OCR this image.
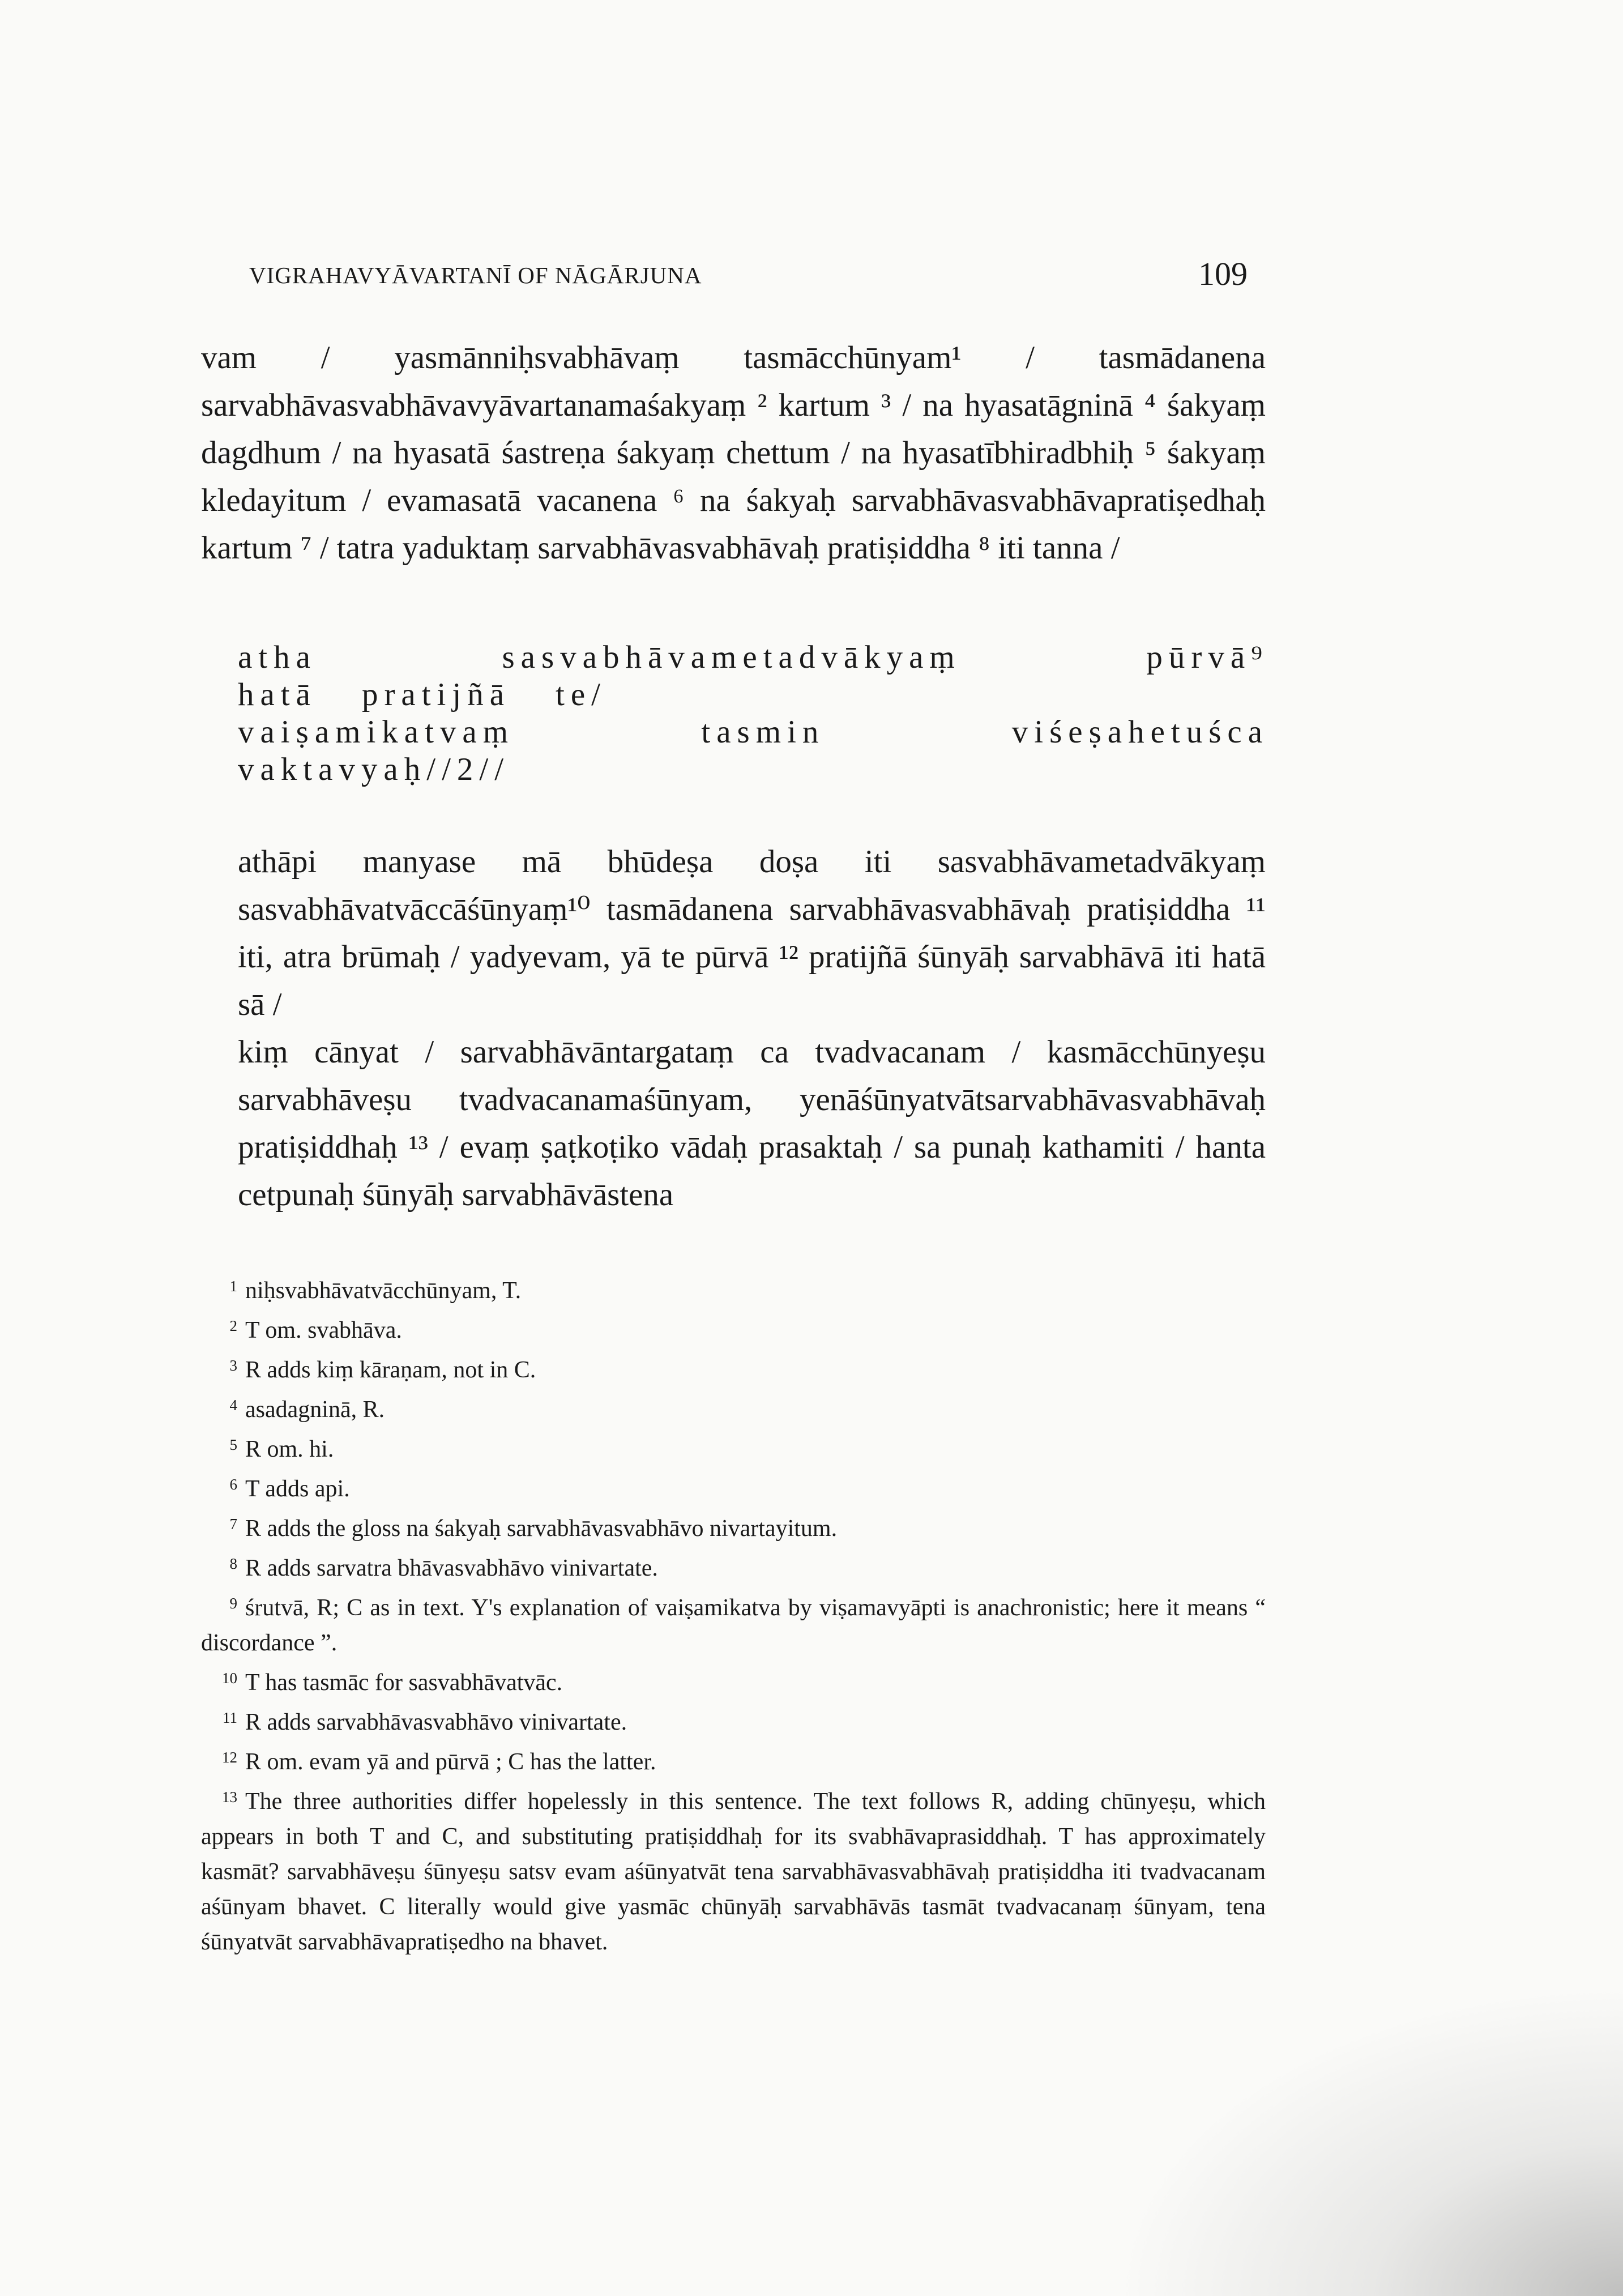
VIGRAHAVYĀVARTANĪ OF NĀGĀRJUNA	109

vam / yasmānniḥsvabhāvaṃ tasmācchūnyam¹ / tasmādanena sarvabhāvasvabhāvavyāvartanamaśakyaṃ ² kartum ³ / na hyasatāgninā ⁴ śakyaṃ dagdhum / na hyasatā śastreṇa śakyaṃ chettum / na hyasatībhiradbhiḥ ⁵ śakyaṃ kledayitum / evamasatā vacanena ⁶ na śakyaḥ sarvabhāvasvabhāvapratiṣedhaḥ kartum ⁷ / tatra yaduktaṃ sarvabhāvasvabhāvaḥ pratiṣiddha ⁸ iti tanna /

atha	sasvabhāvametadvākyaṃ	pūrvā⁹
hatā pratijñā te/
vaiṣamikatvaṃ	tasmin	viśeṣahetuśca
vaktavyaḥ//2//

athāpi manyase mā bhūdeṣa doṣa iti sasvabhāvametadvākyaṃ sasvabhāvatvāccāśūnyaṃ¹⁰ tasmādanena sarvabhāvasvabhāvaḥ pratiṣiddha ¹¹ iti, atra brūmaḥ / yadyevam, yā te pūrvā ¹² pratijñā śūnyāḥ sarvabhāvā iti hatā sā /

kiṃ cānyat / sarvabhāvāntargataṃ ca tvadvacanam / kasmācchūnyeṣu sarvabhāveṣu tvadvacanamaśūnyam, yenāśūnyatvātsarvabhāvasvabhāvaḥ pratiṣiddhaḥ ¹³ / evaṃ ṣaṭkoṭiko vādaḥ prasaktaḥ / sa punaḥ kathamiti / hanta cetpunaḥ śūnyāḥ sarvabhāvāstena

1 niḥsvabhāvatvācchūnyam, T.

2 T om. svabhāva.

3 R adds kiṃ kāraṇam, not in C.

4 asadagninā, R.

5 R om. hi.

6 T adds api.

7 R adds the gloss na śakyaḥ sarvabhāvasvabhāvo nivartayitum.

8 R adds sarvatra bhāvasvabhāvo vinivartate.

9 śrutvā, R; C as in text. Y's explanation of vaiṣamikatva by viṣamavyāpti is anachronistic; here it means “ discordance ”.

10 T has tasmāc for sasvabhāvatvāc.

11 R adds sarvabhāvasvabhāvo vinivartate.

12 R om. evam yā and pūrvā ; C has the latter.

13 The three authorities differ hopelessly in this sentence. The text follows R, adding chūnyeṣu, which appears in both T and C, and substituting pratiṣiddhaḥ for its svabhāvaprasiddhaḥ. T has approximately kasmāt? sarvabhāveṣu śūnyeṣu satsv evam aśūnyatvāt tena sarvabhāvasvabhāvaḥ pratiṣiddha iti tvadvacanam aśūnyam bhavet. C literally would give yasmāc chūnyāḥ sarvabhāvās tasmāt tvadvacanaṃ śūnyam, tena śūnyatvāt sarvabhāvapratiṣedho na bhavet.
